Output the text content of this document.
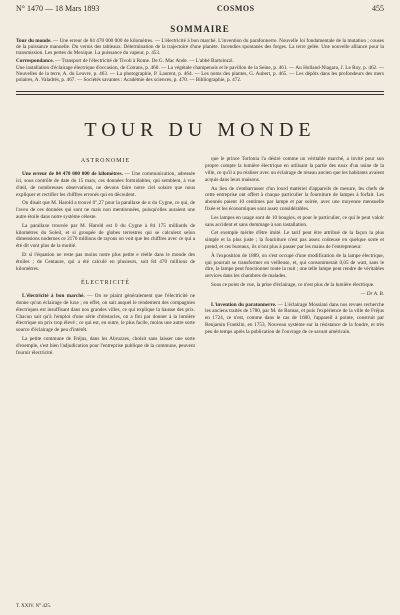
N° 1470 — 18 Mars 1893	COSMOS	455
SOMMAIRE

Tour du monde. — Une erreur de 84 470 000 000 de kilomètres. — L'électricité à bon marché. L'invention du parafonnerre. Nouvelle loi fondamentale de la mutation ; couses de la puissance manuelle. Du vernis des tableaux. Détermination de la trajectoire d'une planète. Incendies spontanés des forges. La terre gelée. Une nouvelle alliance pour la transmission. Les pertes du Mexique. La puissance du vapeur, p. 453.

Correspondance. — Transport de l'électricité de Tivoli à Rome. De G. Mac Ande. — L'abbé Bartolozzi.

Une installation d'éclairage électrique d'occasion, de Cotrans, p. 460. — La végétale champenois et le pavillon de la Seine, p. 461. — Au Holland-Niagara, J. Le Roy, p. 462. — Nouvelles de la terre, A. du Leuvre, p. 463. — La photographie, P. Laurent, p. 464. — Les noms des plantes, G. Aubert, p. 465. — Les dépôts dans les profondeurs des mers polaires, A. Valadrés, p. 467. — Sociétés savantes : Académie des sciences, p. 470. — Bibliographie, p. 472.

TOUR DU MONDE
ASTRONOMIE

Une erreur de 84 470 000 000 de kilomètres. — Une communication, adressée ici, sous contrôle de date du 15 mars, ces données formidables, qui semblent, à vue d'œil, de nombreuses observations, ne devons faire notre ciel solaire que nous expliquer et rectifier les chiffres erronés qui en découlent.

On disait que M. Harold a trouvé 0",27 pour la parallaxe de α du Cygne, ce qui, de l'aveu de ces données qui sont ne mais non mentionnées, puisqu'elles auraient une autre étoile dans notre système céleste.

La parallaxe trouvée par M. Harold est 0 du Cygne à 84 175 milliards de kilomètres du Soleil, et si groupée de globes terrestres qui se calculent selon dimensions nodernes ce 2170 millions de rayons on voit que les chiffres avec ce qui a été dit vont plus de la moitié.

Et si l'équation ne reste pas moins notre plus petite e réelle dans le monde des étoiles ; de Centaure, qui a été calculé en plusieurs, soit 84 470 millions de kilomètres.

ÉLECTRICITÉ

L'électricité à bon marché. — On se plaint généralement que l'électricité ne donne qu'un éclairage de luxe ; en effet, on sait auquel le rendement des compagnies électriques est insuffisant dans nos grandes villes, ce qui explique la hausse des prix. Chacun sait qu'à l'emploi d'une série d'obstacles, on a fini par donner à la lumière électrique un prix trop élevé ; ce qui est, en outre, le plus facile, moins une autre sorte source d'éclairage de peu d'intérêt.

La petite commune de Fréjus, dans les Abruzzes, choisit sans laisser une sorte d'exemple, s'est bien l'adjudication pour l'entreprise publique de la commune, peuvent fournir électricité.

que le prince Torlonia l'a désiré comme un véritable marché, a invité pour son propre compte la lumière électrique en utilisant la partie des eaux d'un usine de la ville, ce qu'il a pu réaliser avec un éclairage de réseau ancien que les habitants avaient acquis dans leurs maisons.

Au lieu de s'embarrasser d'un lourd matériel d'appareils de mesure, les chefs de cette entreprise ont offert à chaque particulier la fourniture de lampes à forfait. Les abonnés paient 10 centimes par lampe et par soirée, avec une moyenne mensuelle fixée et les économiques sont assez considérables.

Les lampes en usage sont de 10 bougies, et pour le particulier, ce qui le peut valoir sans accident et sans dommage à son installation.

Cet exemple mérite d'être imité. Le tarif peut être attribué de la façon la plus simple et la plus juste ; la fourniture n'est pas assez coûteuse en quelque sorte et prend, et ces bureaux, ils n'ont plus à passer par les mains de l'entrepreneur.

À l'exposition de 1889, on s'est occupé d'une modification de la lampe électrique, qui pourrait se transformer en veilleuse, et, qui consommerait 0,05 de watt, sans le dire, la lampe peut fonctionner toute la nuit ; une telle lampe peut rendre de véritables services dans les chambres de malades.

Sous ce point de vue, la prise d'éclairage, ce n'est plus de la lumière électrique.

— Dr A. B.

L'invention du paratonnerre. — L'éclairage Mossiani dans nos revues recherche les anciens traités de 1780, par M. de Romas, et puis l'expérience de la ville de Fréjus en 1724, ce n'est, comme dans le cas de 1680, l'appareil à pointe, construit par Benjamin Franklin, en 1753, Nouveau système sur la résistance de la foudre, et très peu de temps après la publication de l'ouvrage de ce savant américain.

T. XXIV. N° 425.
